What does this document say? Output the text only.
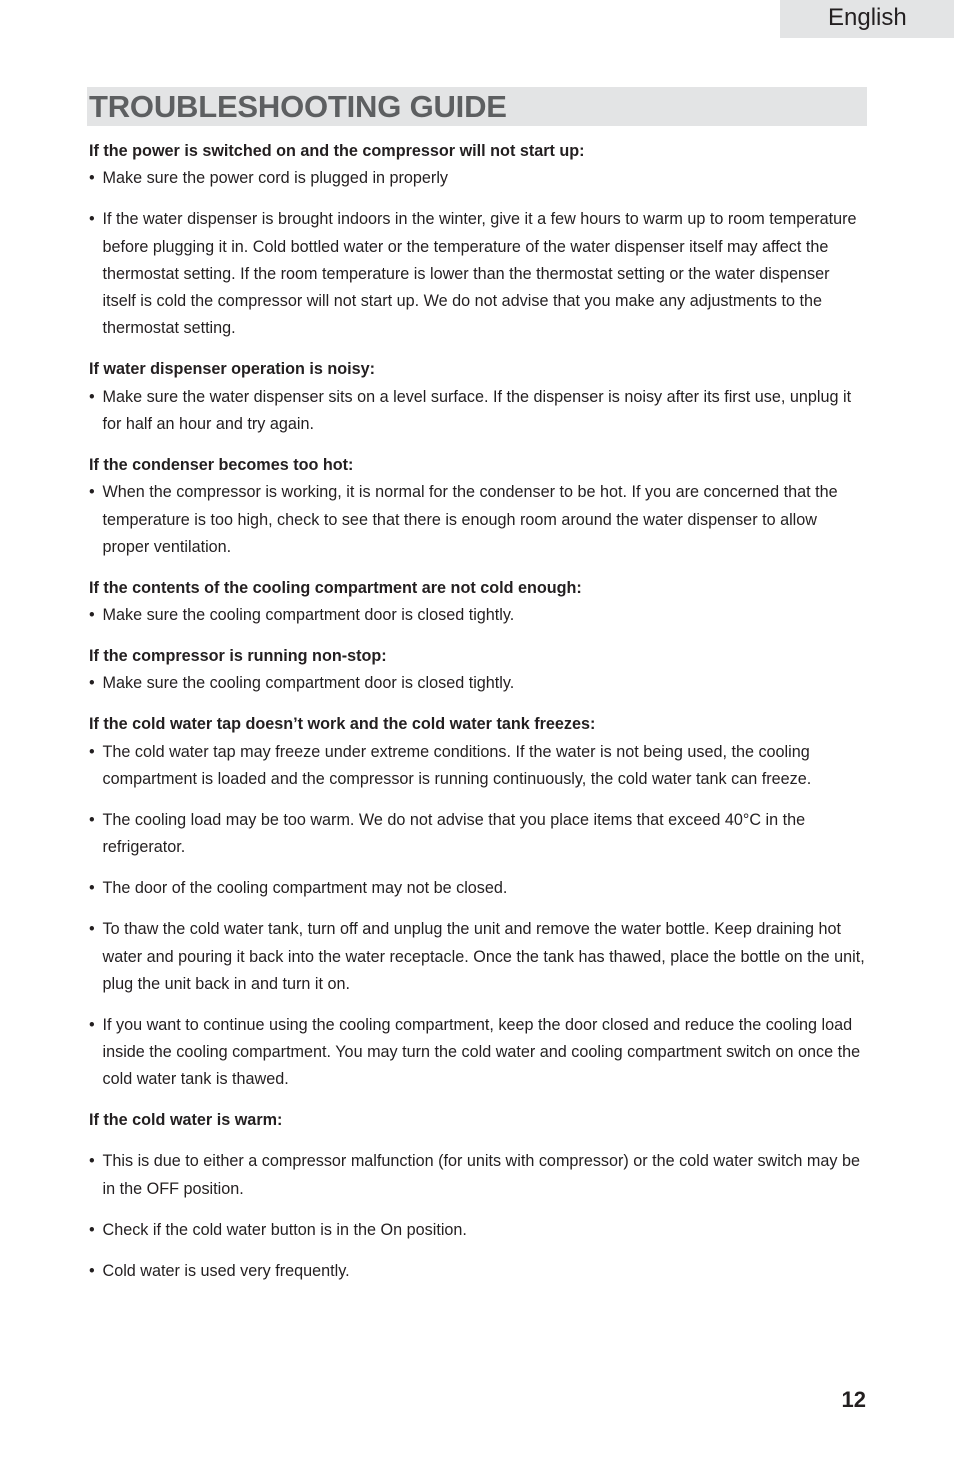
English
TROUBLESHOOTING GUIDE

If the power is switched on and the compressor will not start up:

• Make sure the power cord is plugged in properly

• If the water dispenser is brought indoors in the winter, give it a few hours to warm up to room temperature before plugging it in. Cold bottled water or the temperature of the water dispenser itself may affect the thermostat setting. If the room temperature is lower than the thermostat setting or the water dispenser itself is cold the compressor will not start up. We do not advise that you make any adjustments to the thermostat setting.

If water dispenser operation is noisy:

• Make sure the water dispenser sits on a level surface. If the dispenser is noisy after its first use, unplug it for half an hour and try again.

If the condenser becomes too hot:

• When the compressor is working, it is normal for the condenser to be hot. If you are concerned that the temperature is too high, check to see that there is enough room around the water dispenser to allow proper ventilation.

If the contents of the cooling compartment are not cold enough:

• Make sure the cooling compartment door is closed tightly.

If the compressor is running non-stop:

• Make sure the cooling compartment door is closed tightly.

If the cold water tap doesn’t work and the cold water tank freezes:

• The cold water tap may freeze under extreme conditions. If the water is not being used, the cooling compartment is loaded and the compressor is running continuously, the cold water tank can freeze.

• The cooling load may be too warm. We do not advise that you place items that exceed 40°C in the refrigerator.

• The door of the cooling compartment may not be closed.

• To thaw the cold water tank, turn off and unplug the unit and remove the water bottle. Keep draining hot water and pouring it back into the water receptacle. Once the tank has thawed, place the bottle on the unit, plug the unit back in and turn it on.

• If you want to continue using the cooling compartment, keep the door closed and reduce the cooling load inside the cooling compartment. You may turn the cold water and cooling compartment switch on once the cold water tank is thawed.

If the cold water is warm:

• This is due to either a compressor malfunction (for units with compressor) or the cold water switch may be in the OFF position.

• Check if the cold water button is in the On position.

• Cold water is used very frequently.

12
